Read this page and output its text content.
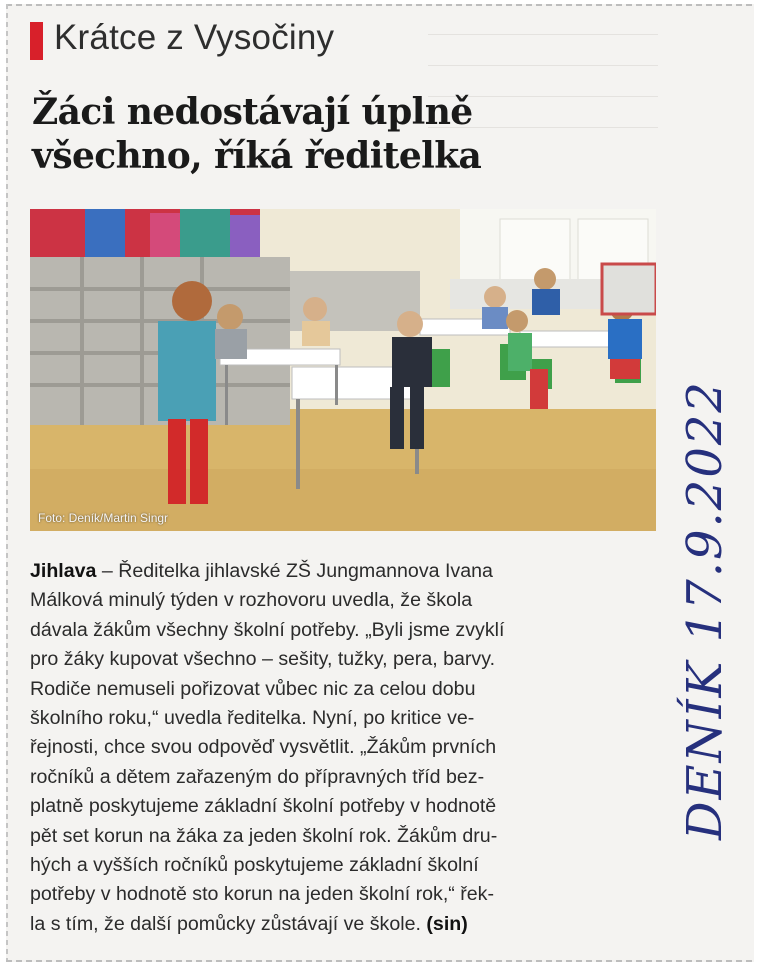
Krátce z Vysočiny
Žáci nedostávají úplně
všechno, říká ředitelka
Foto: Deník/Martin Singr
Jihlava – Ředitelka jihlavské ZŠ Jungmannova Ivana
Málková minulý týden v rozhovoru uvedla, že škola
dávala žákům všechny školní potřeby. „Byli jsme zvyklí
pro žáky kupovat všechno – sešity, tužky, pera, barvy.
Rodiče nemuseli pořizovat vůbec nic za celou dobu
školního roku,“ uvedla ředitelka. Nyní, po kritice ve-
řejnosti, chce svou odpověď vysvětlit. „Žákům prvních
ročníků a dětem zařazeným do přípravných tříd bez-
platně poskytujeme základní školní potřeby v hodnotě
pět set korun na žáka za jeden školní rok. Žákům dru-
hých a vyšších ročníků poskytujeme základní školní
potřeby v hodnotě sto korun na jeden školní rok,“ řek-
la s tím, že další pomůcky zůstávají ve škole. (sin)
DENÍK 17.9.2022
